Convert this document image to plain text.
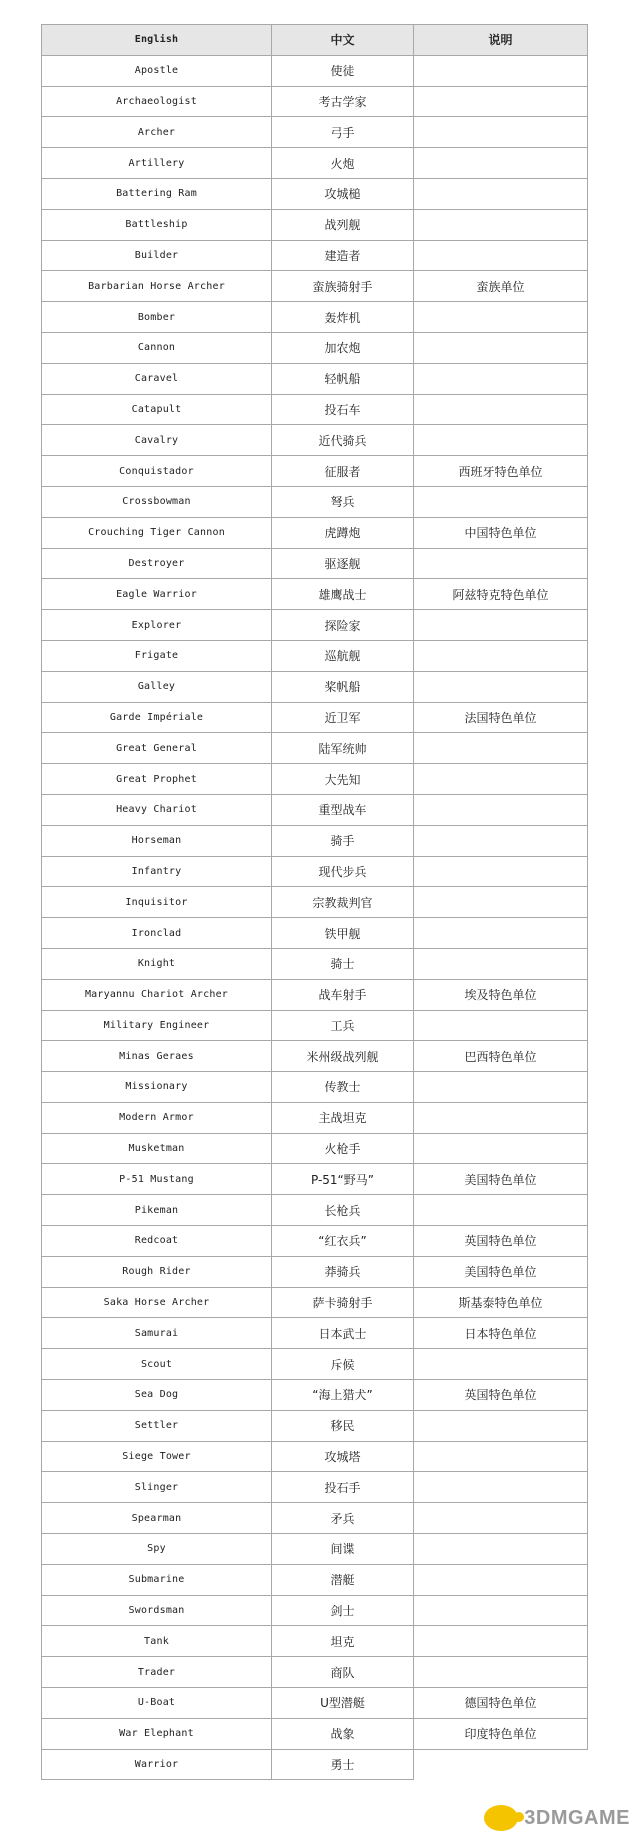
English	中文	说明
Apostle	使徒
Archaeologist	考古学家
Archer	弓手
Artillery	火炮
Battering Ram	攻城槌
Battleship	战列舰
Builder	建造者
Barbarian Horse Archer	蛮族骑射手	蛮族单位
Bomber	轰炸机
Cannon	加农炮
Caravel	轻帆船
Catapult	投石车
Cavalry	近代骑兵
Conquistador	征服者	西班牙特色单位
Crossbowman	弩兵
Crouching Tiger Cannon	虎蹲炮	中国特色单位
Destroyer	驱逐舰
Eagle Warrior	雄鹰战士	阿兹特克特色单位
Explorer	探险家
Frigate	巡航舰
Galley	桨帆船
Garde Impériale	近卫军	法国特色单位
Great General	陆军统帅
Great Prophet	大先知
Heavy Chariot	重型战车
Horseman	骑手
Infantry	现代步兵
Inquisitor	宗教裁判官
Ironclad	铁甲舰
Knight	骑士
Maryannu Chariot Archer	战车射手	埃及特色单位
Military Engineer	工兵
Minas Geraes	米州级战列舰	巴西特色单位
Missionary	传教士
Modern Armor	主战坦克
Musketman	火枪手
P-51 Mustang	P-51“野马”	美国特色单位
Pikeman	长枪兵
Redcoat	“红衣兵”	英国特色单位
Rough Rider	莽骑兵	美国特色单位
Saka Horse Archer	萨卡骑射手	斯基泰特色单位
Samurai	日本武士	日本特色单位
Scout	斥候
Sea Dog	“海上猎犬”	英国特色单位
Settler	移民
Siege Tower	攻城塔
Slinger	投石手
Spearman	矛兵
Spy	间谍
Submarine	潜艇
Swordsman	剑士
Tank	坦克
Trader	商队
U-Boat	U型潜艇	德国特色单位
War Elephant	战象	印度特色单位
Warrior	勇士
3DMGAME
